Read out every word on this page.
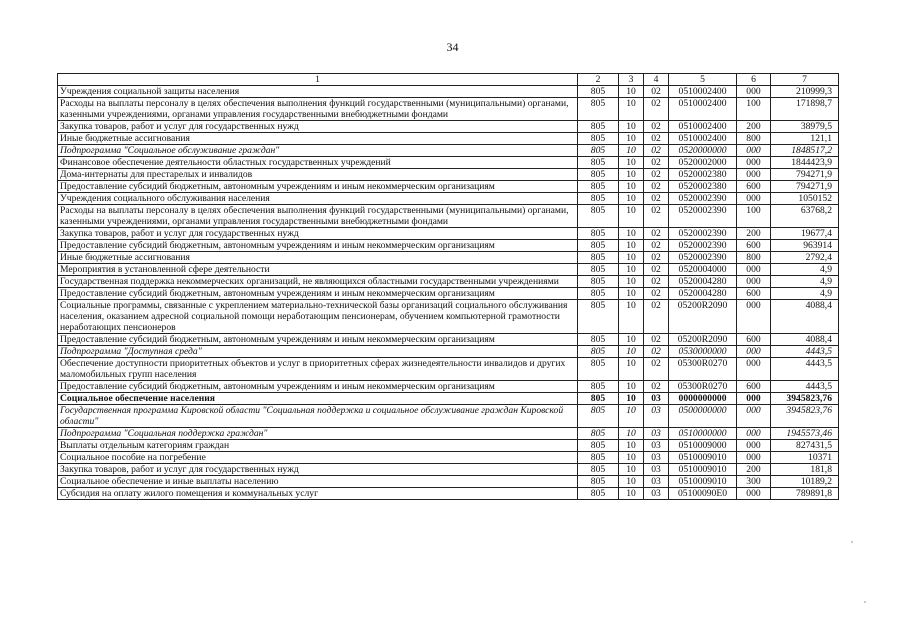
34
1	2	3	4	5	6	7
Учреждения социальной защиты населения	805	10	02	0510002400	000	210999,3
Расходы на выплаты персоналу в целях обеспечения выполнения функций государственными (муниципальными) органами, казенными учреждениями, органами управления государственными внебюджетными фондами	805	10	02	0510002400	100	171898,7
Закупка товаров, работ и услуг для государственных нужд	805	10	02	0510002400	200	38979,5
Иные бюджетные ассигнования	805	10	02	0510002400	800	121,1
Подпрограмма "Социальное обслуживание граждан"	805	10	02	0520000000	000	1848517,2
Финансовое обеспечение деятельности областных государственных учреждений	805	10	02	0520002000	000	1844423,9
Дома-интернаты для престарелых и инвалидов	805	10	02	0520002380	000	794271,9
Предоставление субсидий бюджетным, автономным учреждениям и иным некоммерческим организациям	805	10	02	0520002380	600	794271,9
Учреждения социального обслуживания населения	805	10	02	0520002390	000	1050152
Расходы на выплаты персоналу в целях обеспечения выполнения функций государственными (муниципальными) органами, казенными учреждениями, органами управления государственными внебюджетными фондами	805	10	02	0520002390	100	63768,2
Закупка товаров, работ и услуг для государственных нужд	805	10	02	0520002390	200	19677,4
Предоставление субсидий бюджетным, автономным учреждениям и иным некоммерческим организациям	805	10	02	0520002390	600	963914
Иные бюджетные ассигнования	805	10	02	0520002390	800	2792,4
Мероприятия в установленной сфере деятельности	805	10	02	0520004000	000	4,9
Государственная поддержка некоммерческих организаций, не являющихся областными государственными учреждениями	805	10	02	0520004280	000	4,9
Предоставление субсидий бюджетным, автономным учреждениям и иным некоммерческим организациям	805	10	02	0520004280	600	4,9
Социальные программы, связанные с укреплением материально-технической базы организаций социального обслуживания населения, оказанием адресной социальной помощи неработающим пенсионерам, обучением компьютерной грамотности неработающих пенсионеров	805	10	02	05200R2090	000	4088,4
Предоставление субсидий бюджетным, автономным учреждениям и иным некоммерческим организациям	805	10	02	05200R2090	600	4088,4
Подпрограмма "Доступная среда"	805	10	02	0530000000	000	4443,5
Обеспечение доступности приоритетных объектов и услуг в приоритетных сферах жизнедеятельности инвалидов и других маломобильных групп населения	805	10	02	05300R0270	000	4443,5
Предоставление субсидий бюджетным, автономным учреждениям и иным некоммерческим организациям	805	10	02	05300R0270	600	4443,5
Социальное обеспечение населения	805	10	03	0000000000	000	3945823,76
Государственная программа Кировской области "Социальная поддержка и социальное обслуживание граждан Кировской области"	805	10	03	0500000000	000	3945823,76
Подпрограмма "Социальная поддержка граждан"	805	10	03	0510000000	000	1945573,46
Выплаты отдельным категориям граждан	805	10	03	0510009000	000	827431,5
Социальное пособие на погребение	805	10	03	0510009010	000	10371
Закупка товаров, работ и услуг для государственных нужд	805	10	03	0510009010	200	181,8
Социальное обеспечение и иные выплаты населению	805	10	03	0510009010	300	10189,2
Субсидия на оплату жилого помещения и коммунальных услуг	805	10	03	05100090Е0	000	789891,8
